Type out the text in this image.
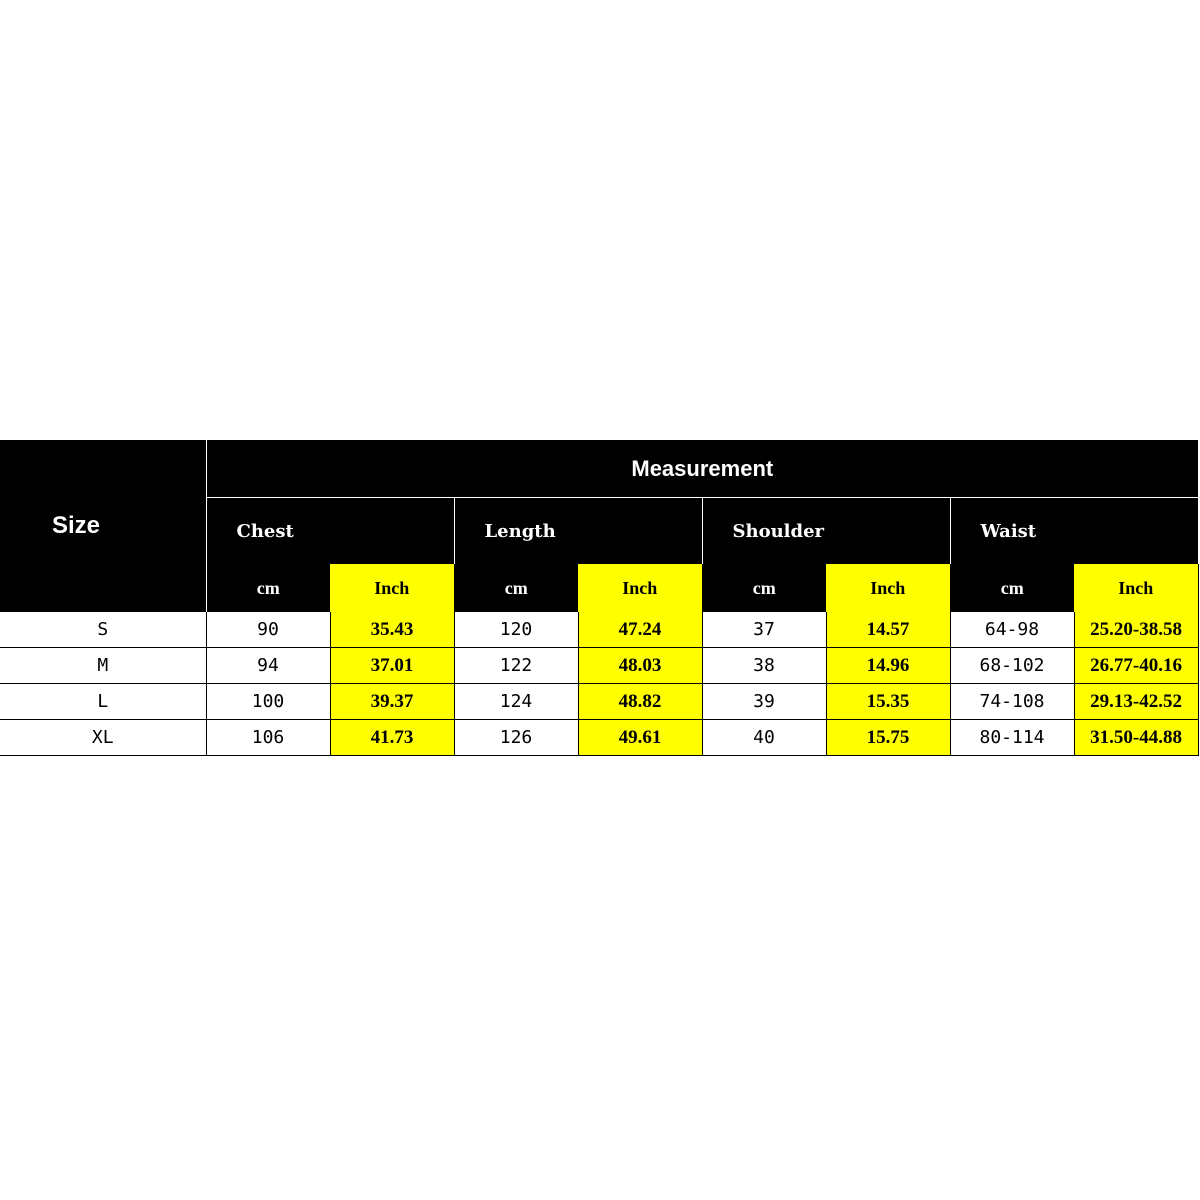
Size	Measurement							
	Chest		Length		Shoulder		Waist	
	cm	Inch	cm	Inch	cm	Inch	cm	Inch
S	90	35.43	120	47.24	37	14.57	64-98	25.20-38.58
M	94	37.01	122	48.03	38	14.96	68-102	26.77-40.16
L	100	39.37	124	48.82	39	15.35	74-108	29.13-42.52
XL	106	41.73	126	49.61	40	15.75	80-114	31.50-44.88
